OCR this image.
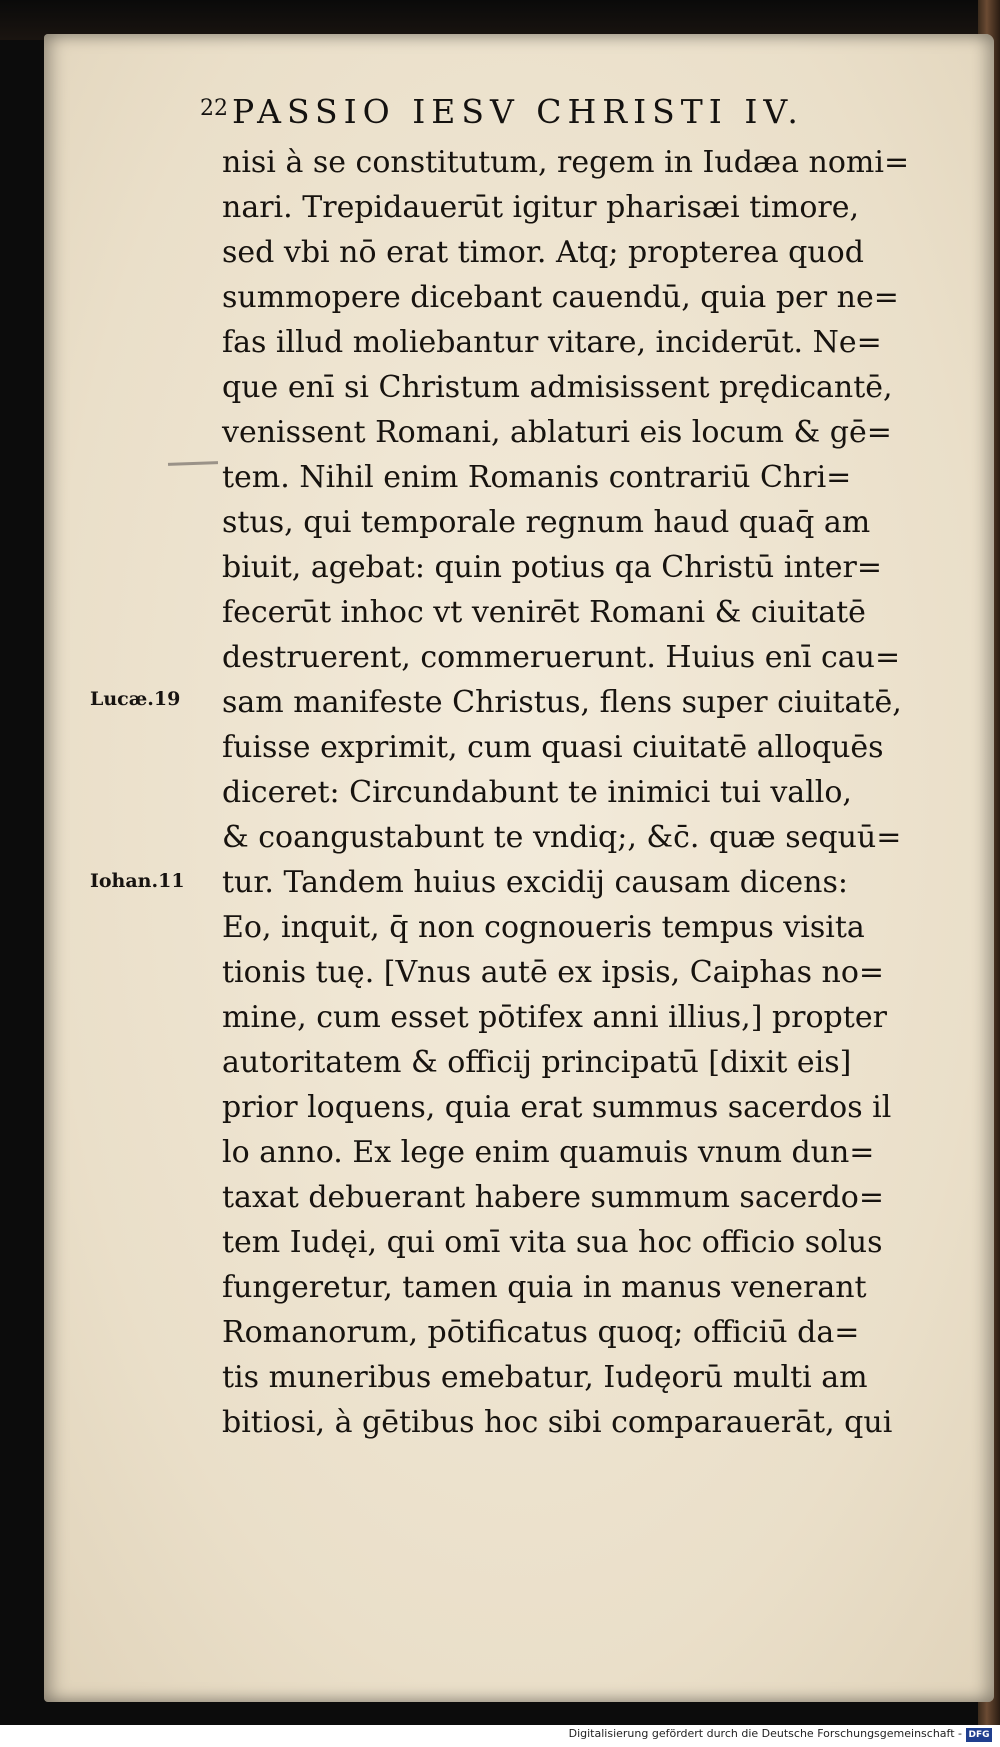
22 PASSIO IESV CHRISTI IV.
Lucæ.19
Iohan.11
nisi à se constitutum, regem in Iudæa nomi=
nari. Trepidauerūt igitur pharisæi timore,
sed vbi nō erat timor. Atq; propterea quod
summopere dicebant cauendū, quia per ne=
fas illud moliebantur vitare, inciderūt. Ne=
que enī si Christum admisissent prędicantē,
venissent Romani, ablaturi eis locum & gē=
tem. Nihil enim Romanis contrariū Chri=
stus, qui temporale regnum haud quaq̄ am
biuit, agebat: quin potius qa Christū inter=
fecerūt inhoc vt venirēt Romani & ciuitatē
destruerent, commeruerunt. Huius enī cau=
sam manifeste Christus, flens super ciuitatē,
fuisse exprimit, cum quasi ciuitatē alloquēs
diceret: Circundabunt te inimici tui vallo,
& coangustabunt te vndiq;, &c̄. quæ sequū=
tur. Tandem huius excidij causam dicens:
Eo, inquit, q̄ non cognoueris tempus visita
tionis tuę. [Vnus autē ex ipsis, Caiphas no=
mine, cum esset pōtifex anni illius,] propter
autoritatem & officij principatū [dixit eis]
prior loquens, quia erat summus sacerdos il
lo anno. Ex lege enim quamuis vnum dun=
taxat debuerant habere summum sacerdo=
tem Iudęi, qui omī vita sua hoc officio solus
fungeretur, tamen quia in manus venerant
Romanorum, pōtificatus quoq; officiū da=
tis muneribus emebatur, Iudęorū multi am
bitiosi, à gētibus hoc sibi comparauerāt, qui
Digitalisierung gefördert durch die Deutsche Forschungsgemeinschaft - DFG
